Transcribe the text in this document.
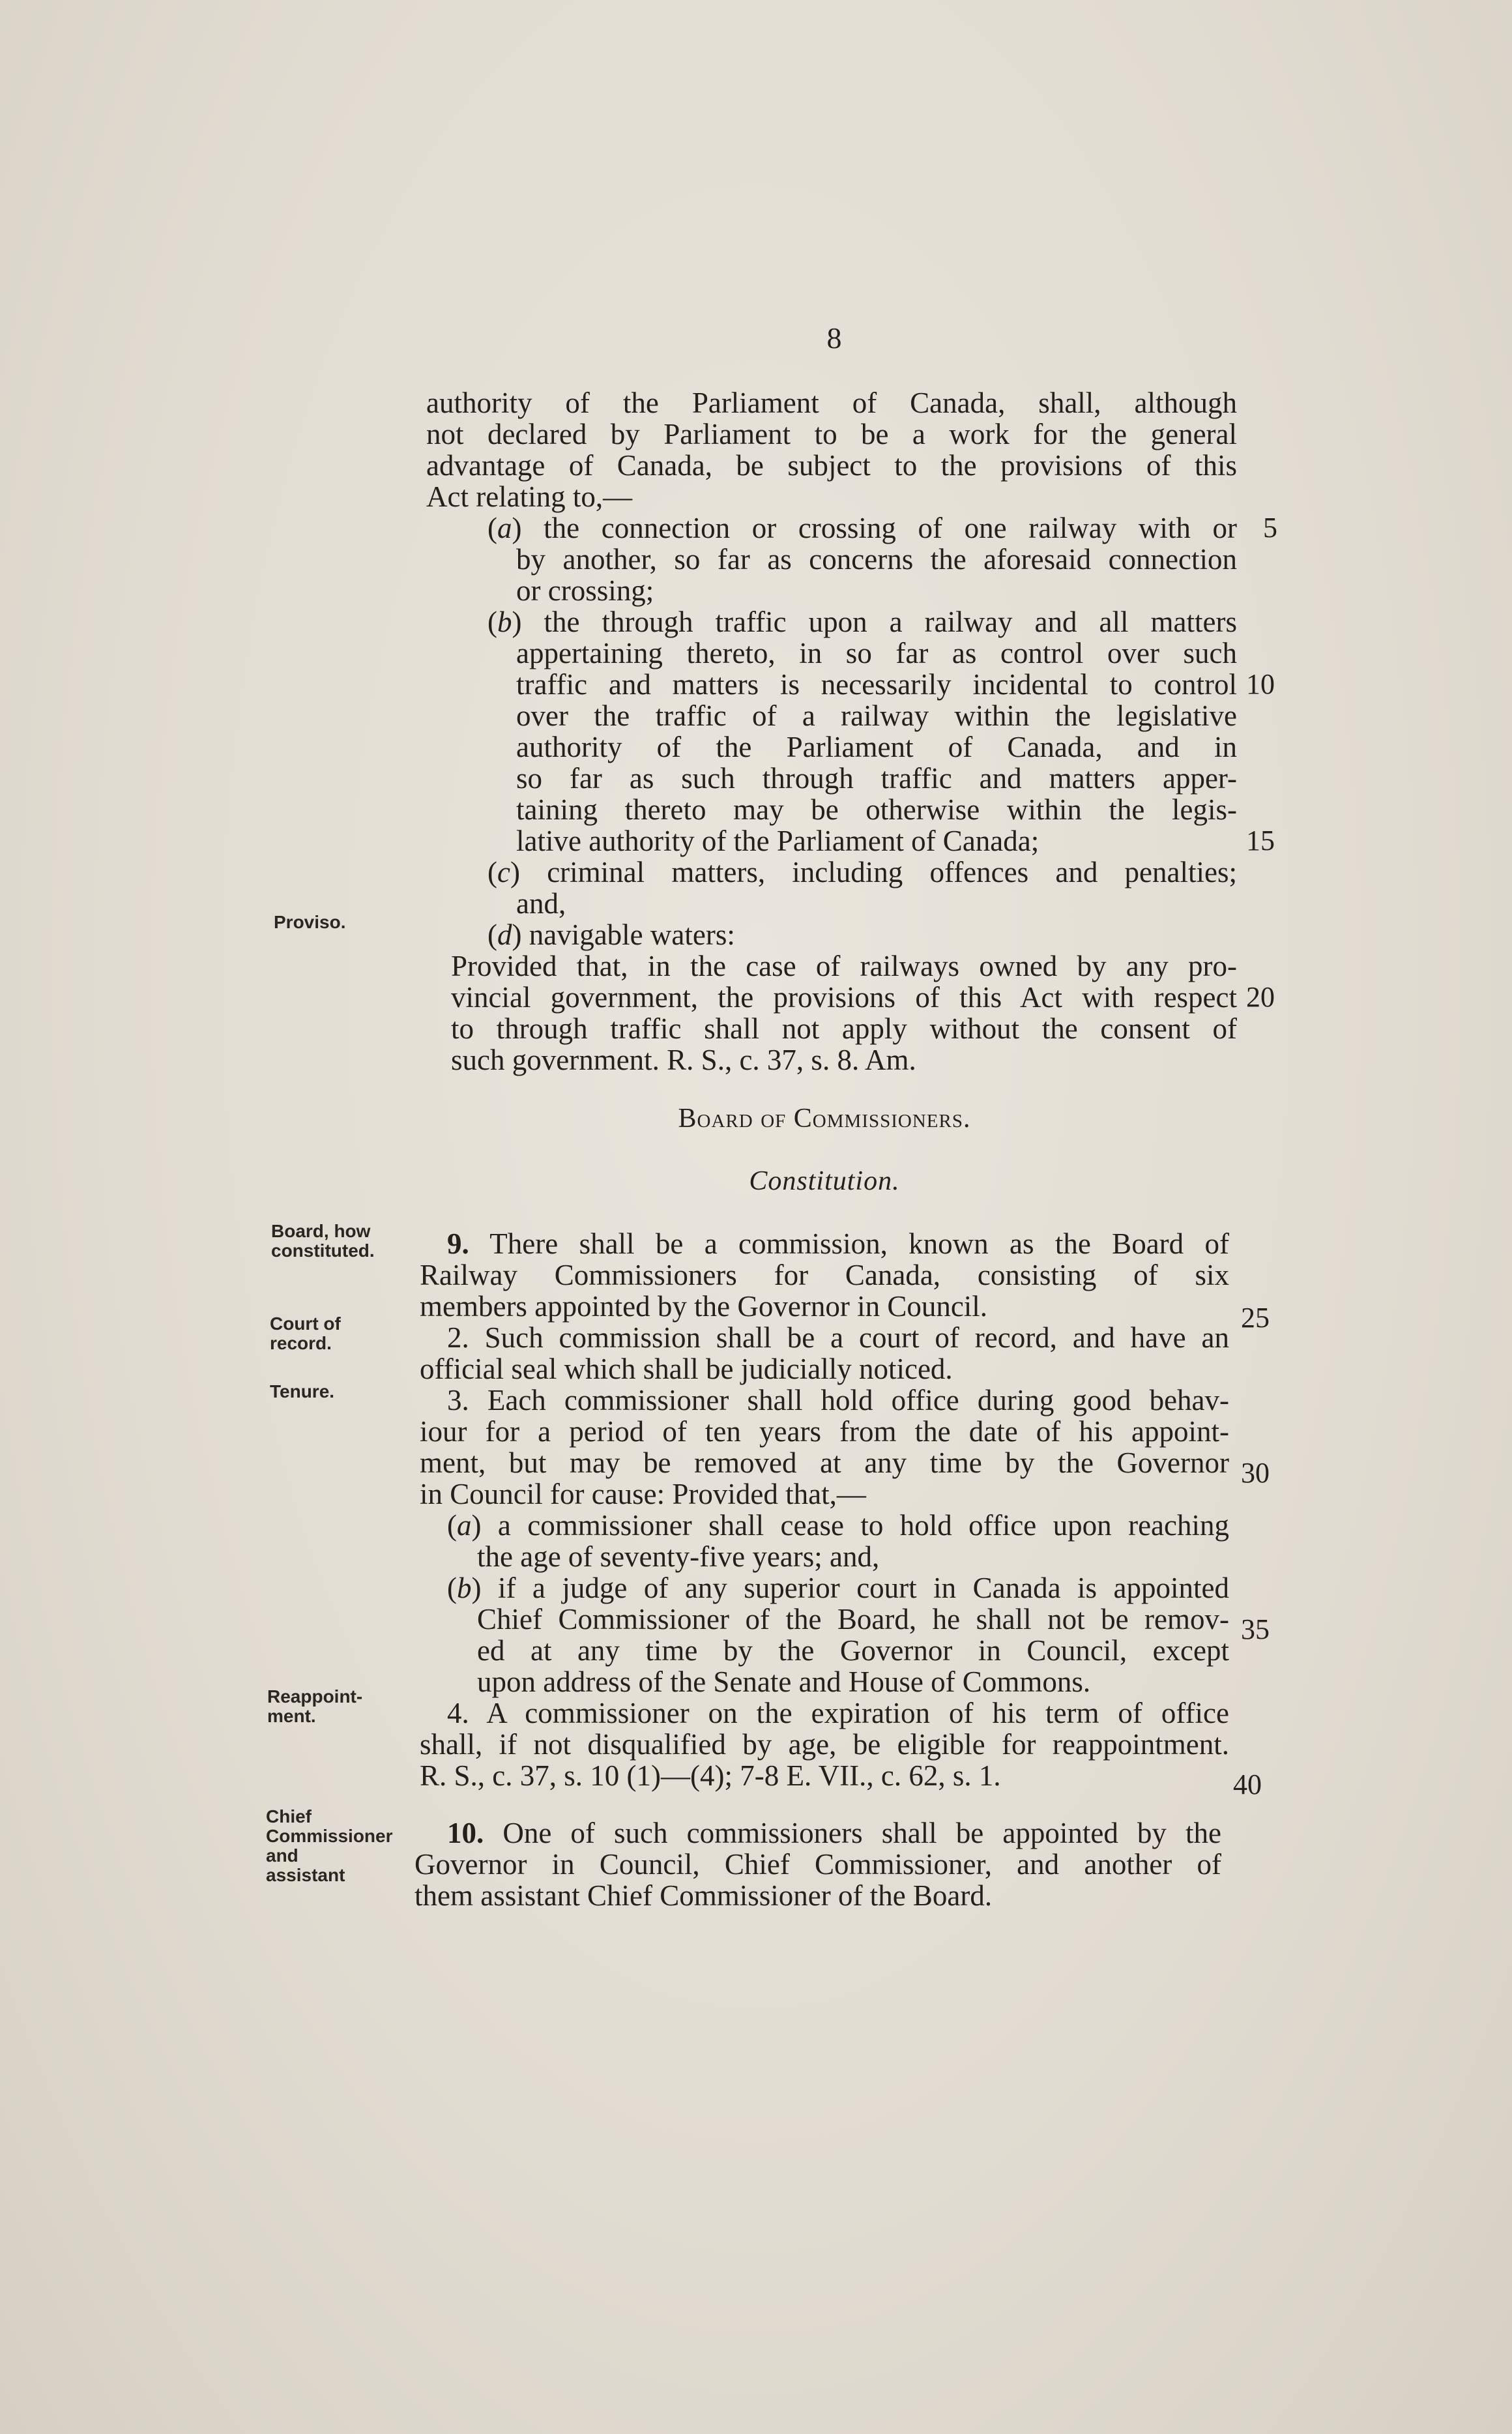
8
authority of the Parliament of Canada, shall, although
not declared by Parliament to be a work for the general
advantage of Canada, be subject to the provisions of this
Act relating to,—
(a) the connection or crossing of one railway with or
by another, so far as concerns the aforesaid connection
or crossing;
(b) the through traffic upon a railway and all matters
appertaining thereto, in so far as control over such
traffic and matters is necessarily incidental to control
over the traffic of a railway within the legislative
authority of the Parliament of Canada, and in
so far as such through traffic and matters apper-
taining thereto may be otherwise within the legis-
lative authority of the Parliament of Canada;
(c) criminal matters, including offences and penalties;
and,
(d) navigable waters:
Provided that, in the case of railways owned by any pro-
vincial government, the provisions of this Act with respect
to through traffic shall not apply without the consent of
such government. R. S., c. 37, s. 8. Am.
9. There shall be a commission, known as the Board of
Railway Commissioners for Canada, consisting of six
members appointed by the Governor in Council.
2. Such commission shall be a court of record, and have an
official seal which shall be judicially noticed.
3. Each commissioner shall hold office during good behav-
iour for a period of ten years from the date of his appoint-
ment, but may be removed at any time by the Governor
in Council for cause: Provided that,—
(a) a commissioner shall cease to hold office upon reaching
the age of seventy-five years; and,
(b) if a judge of any superior court in Canada is appointed
Chief Commissioner of the Board, he shall not be remov-
ed at any time by the Governor in Council, except
upon address of the Senate and House of Commons.
4. A commissioner on the expiration of his term of office
shall, if not disqualified by age, be eligible for reappointment.
R. S., c. 37, s. 10 (1)—(4); 7-8 E. VII., c. 62, s. 1.
10. One of such commissioners shall be appointed by the
Governor in Council, Chief Commissioner, and another of
them assistant Chief Commissioner of the Board.
5
10
15
20
25
30
35
40
Board of Commissioners.
Constitution.
Proviso.
Board, how
constituted.
Court of
record.
Tenure.
Reappoint-
ment.
Chief
Commissioner
and
assistant
